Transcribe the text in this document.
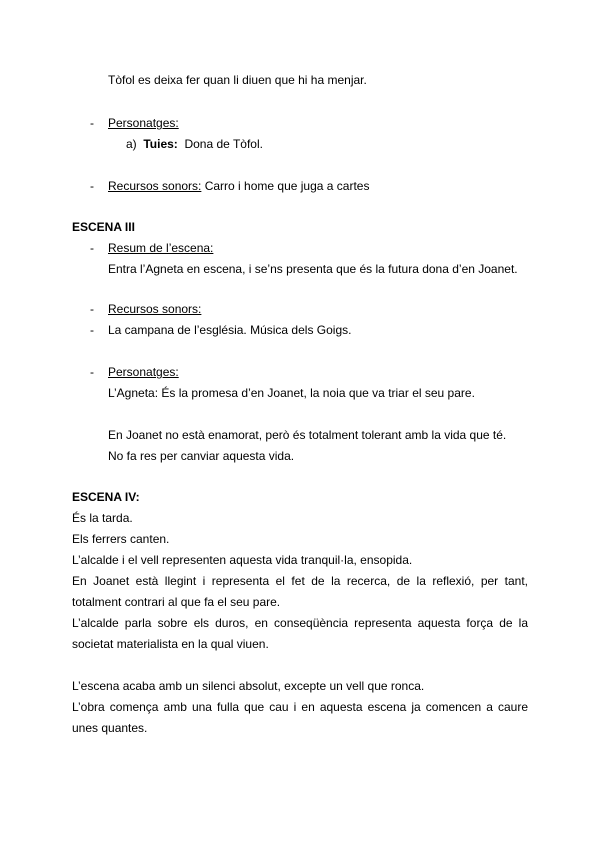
Tòfol es deixa fer quan li diuen que hi ha menjar.
- Personatges:
a) Tuies: Dona de Tòfol.
- Recursos sonors: Carro i home que juga a cartes
ESCENA III
- Resum de l’escena:
Entra l’Agneta en escena, i se’ns presenta que és la futura dona d’en Joanet.
- Recursos sonors:
- La campana de l’església. Música dels Goigs.
- Personatges:
L’Agneta: És la promesa d’en Joanet, la noia que va triar el seu pare.
En Joanet no està enamorat, però és totalment tolerant amb la vida que té.
No fa res per canviar aquesta vida.
ESCENA IV:
És la tarda.
Els ferrers canten.
L’alcalde i el vell representen aquesta vida tranquil·la, ensopida.
En Joanet està llegint i representa el fet de la recerca, de la reflexió, per tant,
totalment contrari al que fa el seu pare.
L’alcalde parla sobre els duros, en conseqüència representa aquesta força de la
societat materialista en la qual viuen.
L’escena acaba amb un silenci absolut, excepte un vell que ronca.
L’obra comença amb una fulla que cau i en aquesta escena ja comencen a caure
unes quantes.
